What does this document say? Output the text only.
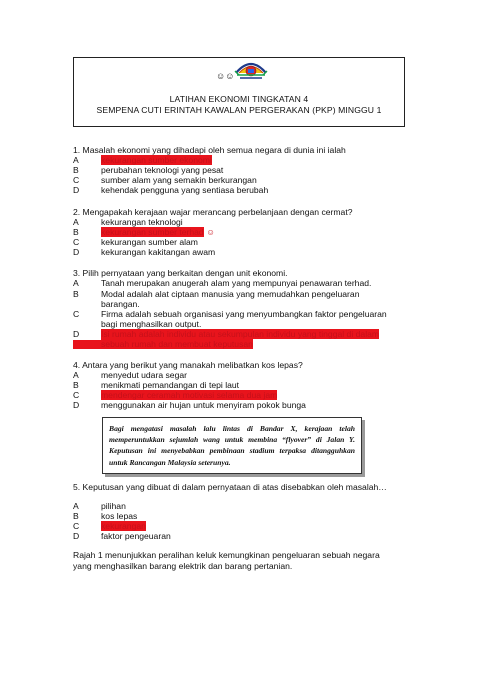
☺☺
LATIHAN EKONOMI TINGKATAN 4
SEMPENA CUTI ERINTAH KAWALAN PERGERAKAN (PKP) MINGGU 1
1. Masalah ekonomi yang dihadapi oleh semua negara di dunia ini ialah
A	kekurangan sumber ekonomi
B	perubahan teknologi yang pesat
C	sumber alam yang semakin berkurangan
D	kehendak pengguna yang sentiasa berubah
2. Mengapakah kerajaan wajar merancang perbelanjaan dengan cermat?
A	kekurangan teknologi
B	kekurangan sumber terhad ☺
C	kekurangan sumber alam
D	kekurangan kakitangan awam
3. Pilih pernyataan yang berkaitan dengan unit ekonomi.
A	Tanah merupakan anugerah alam yang mempunyai penawaran terhad.
B	Modal adalah alat ciptaan manusia yang memudahkan pengeluaran
barangan.
C	Firma adalah sebuah organisasi yang menyumbangkan faktor pengeluaran
bagi menghasilkan output.
D	Isi rumah adalah individu atau sekumpulan individu yang tinggal di dalam
sebuah rumah dan membuat keputusan
4. Antara yang berikut yang manakah melibatkan kos lepas?
A	menyedut udara segar
B	menikmati pemandangan di tepi laut
C	mendengar ceramah motivasi selama dua jam
D	menggunakan air hujan untuk menyiram pokok bunga
Bagi mengatasi masalah lalu lintas di Bandar X, kerajaan telah memperuntukkan sejumlah wang untuk membina “flyover” di Jalan Y. Keputusan ini menyebabkan pembinaan stadium terpaksa ditangguhkan untuk Rancangan Malaysia seterunya.
5. Keputusan yang dibuat di dalam pernyataan di atas disebabkan oleh masalah…
A	pilihan
B	kos lepas
C	kekurangan
D	faktor pengeuaran
Rajah 1 menunjukkan peralihan keluk kemungkinan pengeluaran sebuah negara
yang menghasilkan barang elektrik dan barang pertanian.
